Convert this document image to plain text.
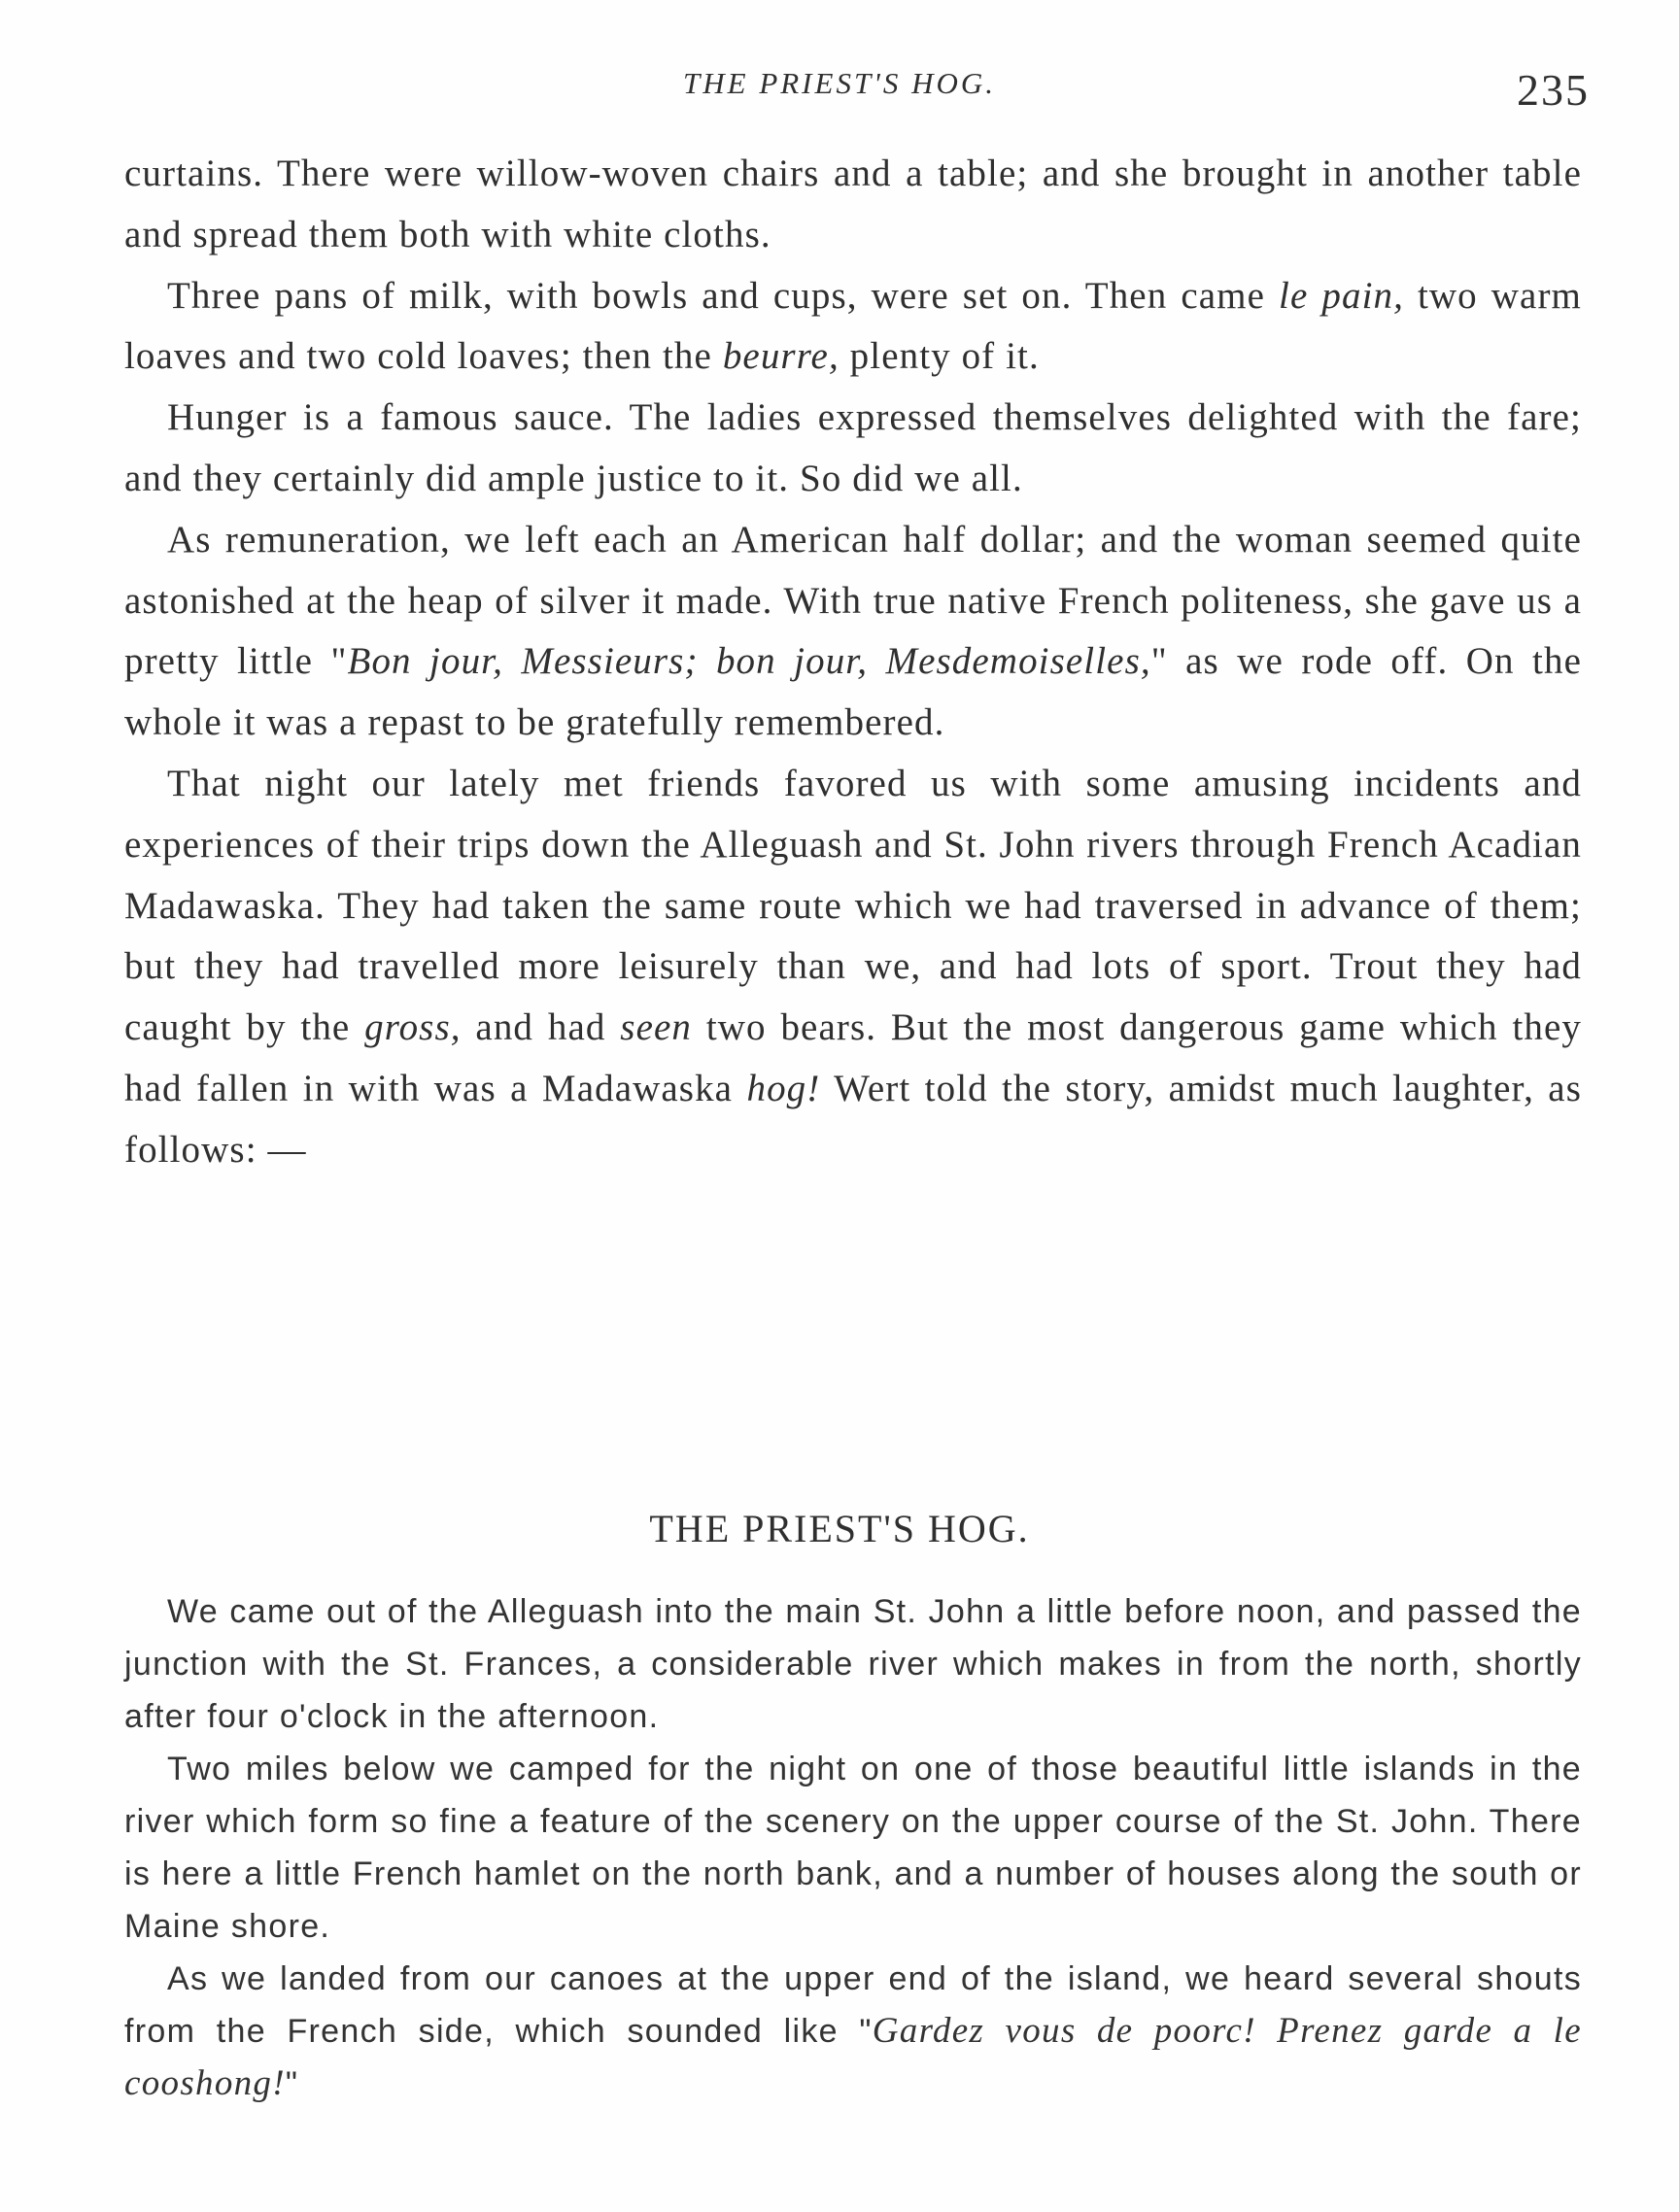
THE PRIEST'S HOG.	235

curtains. There were willow-woven chairs and a table; and she brought in another table and spread them both with white cloths.

Three pans of milk, with bowls and cups, were set on. Then came le pain, two warm loaves and two cold loaves; then the beurre, plenty of it.

Hunger is a famous sauce. The ladies expressed themselves delighted with the fare; and they certainly did ample justice to it. So did we all.

As remuneration, we left each an American half dollar; and the woman seemed quite astonished at the heap of silver it made. With true native French politeness, she gave us a pretty little "Bon jour, Messieurs; bon jour, Mesdemoiselles," as we rode off. On the whole it was a repast to be gratefully remembered.

That night our lately met friends favored us with some amusing incidents and experiences of their trips down the Alleguash and St. John rivers through French Acadian Madawaska. They had taken the same route which we had traversed in advance of them; but they had travelled more leisurely than we, and had lots of sport. Trout they had caught by the gross, and had seen two bears. But the most dangerous game which they had fallen in with was a Madawaska hog! Wert told the story, amidst much laughter, as follows: —

THE PRIEST'S HOG.

We came out of the Alleguash into the main St. John a little before noon, and passed the junction with the St. Frances, a considerable river which makes in from the north, shortly after four o'clock in the afternoon.

Two miles below we camped for the night on one of those beautiful little islands in the river which form so fine a feature of the scenery on the upper course of the St. John. There is here a little French hamlet on the north bank, and a number of houses along the south or Maine shore.

As we landed from our canoes at the upper end of the island, we heard several shouts from the French side, which sounded like "Gardez vous de poorc! Prenez garde a le cooshong!"
